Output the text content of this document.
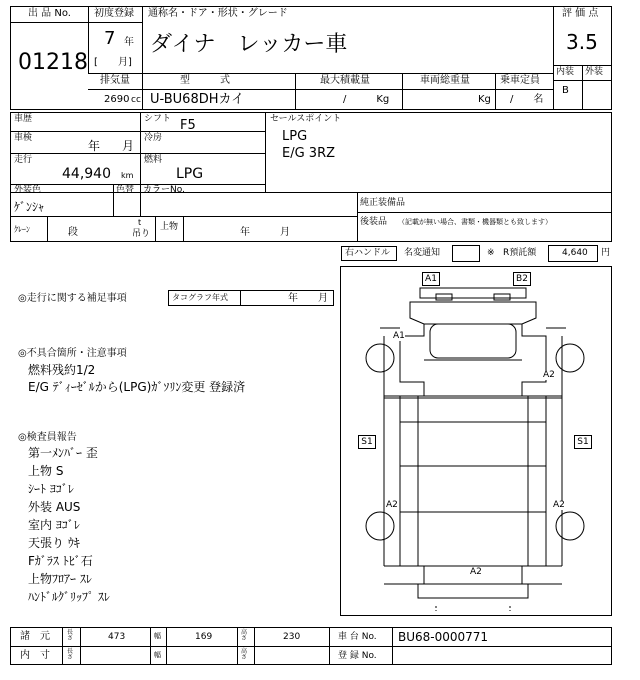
出 品 No.
01218
初度登録
7 年
[ 月]
通称名・ドア・形状・グレード
ダイナ　レッカー車
評 価 点
3.5
内装 外装
B
排気量
2690 cc
型　　　式
U-BU68DHカイ
最大積載量
/　　　Kg
車両総重量
Kg
乗車定員
/　　名
車歴	シフト F5
車検
年 月
冷房
走行
44,940 km
燃料
LPG
外装色
ｹﾞﾝｼｬ
色替 カラーNo.
ｸﾚｰﾝ	段
t
吊り
上物	年	月
セールスポイント
LPG
E/G 3RZ
純正装備品
後装品 （記載が無い場合、書類・機器類とも致します）
右ハンドル 名変通知	※ R預託額	4,640 円
◎走行に関する補足事項	タコグラフ年式	年 月
◎不具合箇所・注意事項
燃料残約1/2
E/G ﾃﾞｨｰｾﾞﾙから(LPG)ｶﾞｿﾘﾝ変更 登録済
◎検査員報告
第一ﾒﾝﾊﾞｰ 歪
上物 S
ｼｰﾄ ﾖｺﾞﾚ
外装 AUS
室内 ﾖｺﾞﾚ
天張り ｳｷ
Fｶﾞﾗｽ ﾄﾋﾞ石
上物ﾌﾛｱｰ ｽﾚ
ﾊﾝﾄﾞﾙｸﾞﾘｯﾌﾟ ｽﾚ
A1	B2
A1
A2
S1	S1
A2	A2
A2
諸　元	長さ	473	幅	169	高さ	230	車 台 No. BU68-0000771
内　寸	長さ	幅	高さ	登 録 No.
